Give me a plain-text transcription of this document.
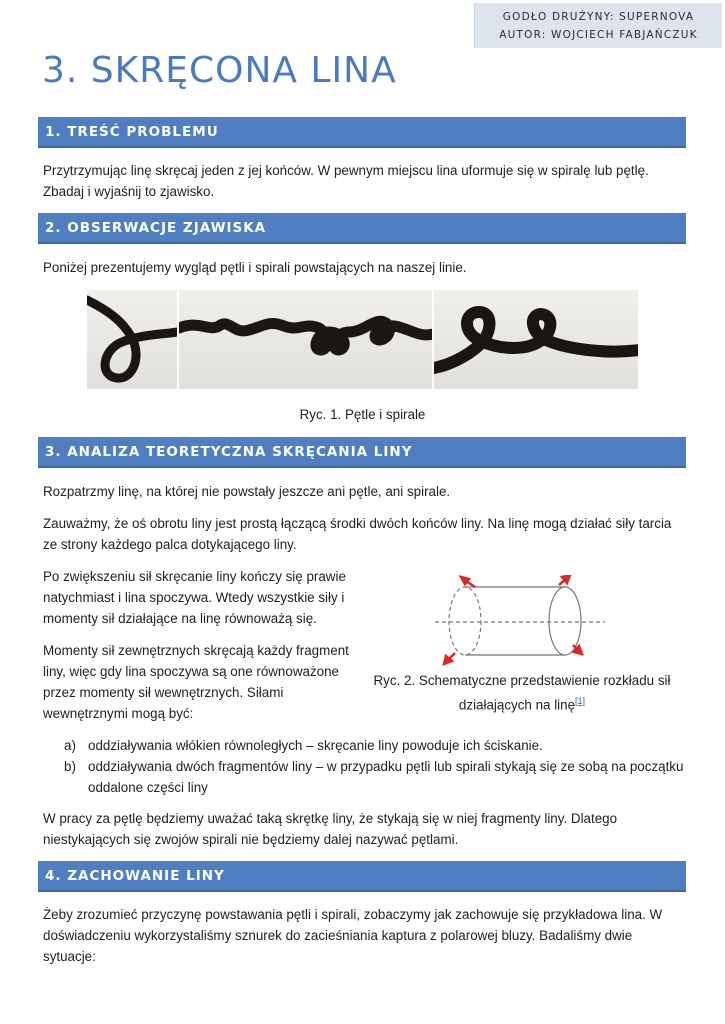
GODŁO DRUŻYNY: SUPERNOVA
AUTOR: WOJCIECH FABJAŃCZUK
3. SKRĘCONA LINA
1. TREŚĆ PROBLEMU

Przytrzymując linę skręcaj jeden z jej końców. W pewnym miejscu lina uformuje się w spiralę lub pętlę. Zbadaj i wyjaśnij to zjawisko.

2. OBSERWACJE ZJAWISKA

Poniżej prezentujemy wygląd pętli i spirali powstających na naszej linie.

Ryc. 1. Pętle i spirale
3. ANALIZA TEORETYCZNA SKRĘCANIA LINY

Rozpatrzmy linę, na której nie powstały jeszcze ani pętle, ani spirale.

Zauważmy, że oś obrotu liny jest prostą łączącą środki dwóch końców liny. Na linę mogą działać siły tarcia ze strony każdego palca dotykającego liny.

Po zwiększeniu sił skręcanie liny kończy się prawie natychmiast i lina spoczywa. Wtedy wszystkie siły i momenty sił działające na linę równoważą się.

Momenty sił zewnętrznych skręcają każdy fragment liny, więc gdy lina spoczywa są one równoważone przez momenty sił wewnętrznych. Siłami wewnętrznymi mogą być:

Ryc. 2. Schematyczne przedstawienie rozkładu sił działających na linę[1]
a) oddziaływania włókien równoległych – skręcanie liny powoduje ich ściskanie.
b) oddziaływania dwóch fragmentów liny – w przypadku pętli lub spirali stykają się ze sobą na początku oddalone części liny

W pracy za pętlę będziemy uważać taką skrętkę liny, że stykają się w niej fragmenty liny. Dlatego niestykających się zwojów spirali nie będziemy dalej nazywać pętlami.

4. ZACHOWANIE LINY

Żeby zrozumieć przyczynę powstawania pętli i spirali, zobaczymy jak zachowuje się przykładowa lina. W doświadczeniu wykorzystaliśmy sznurek do zacieśniania kaptura z polarowej bluzy. Badaliśmy dwie sytuacje:
